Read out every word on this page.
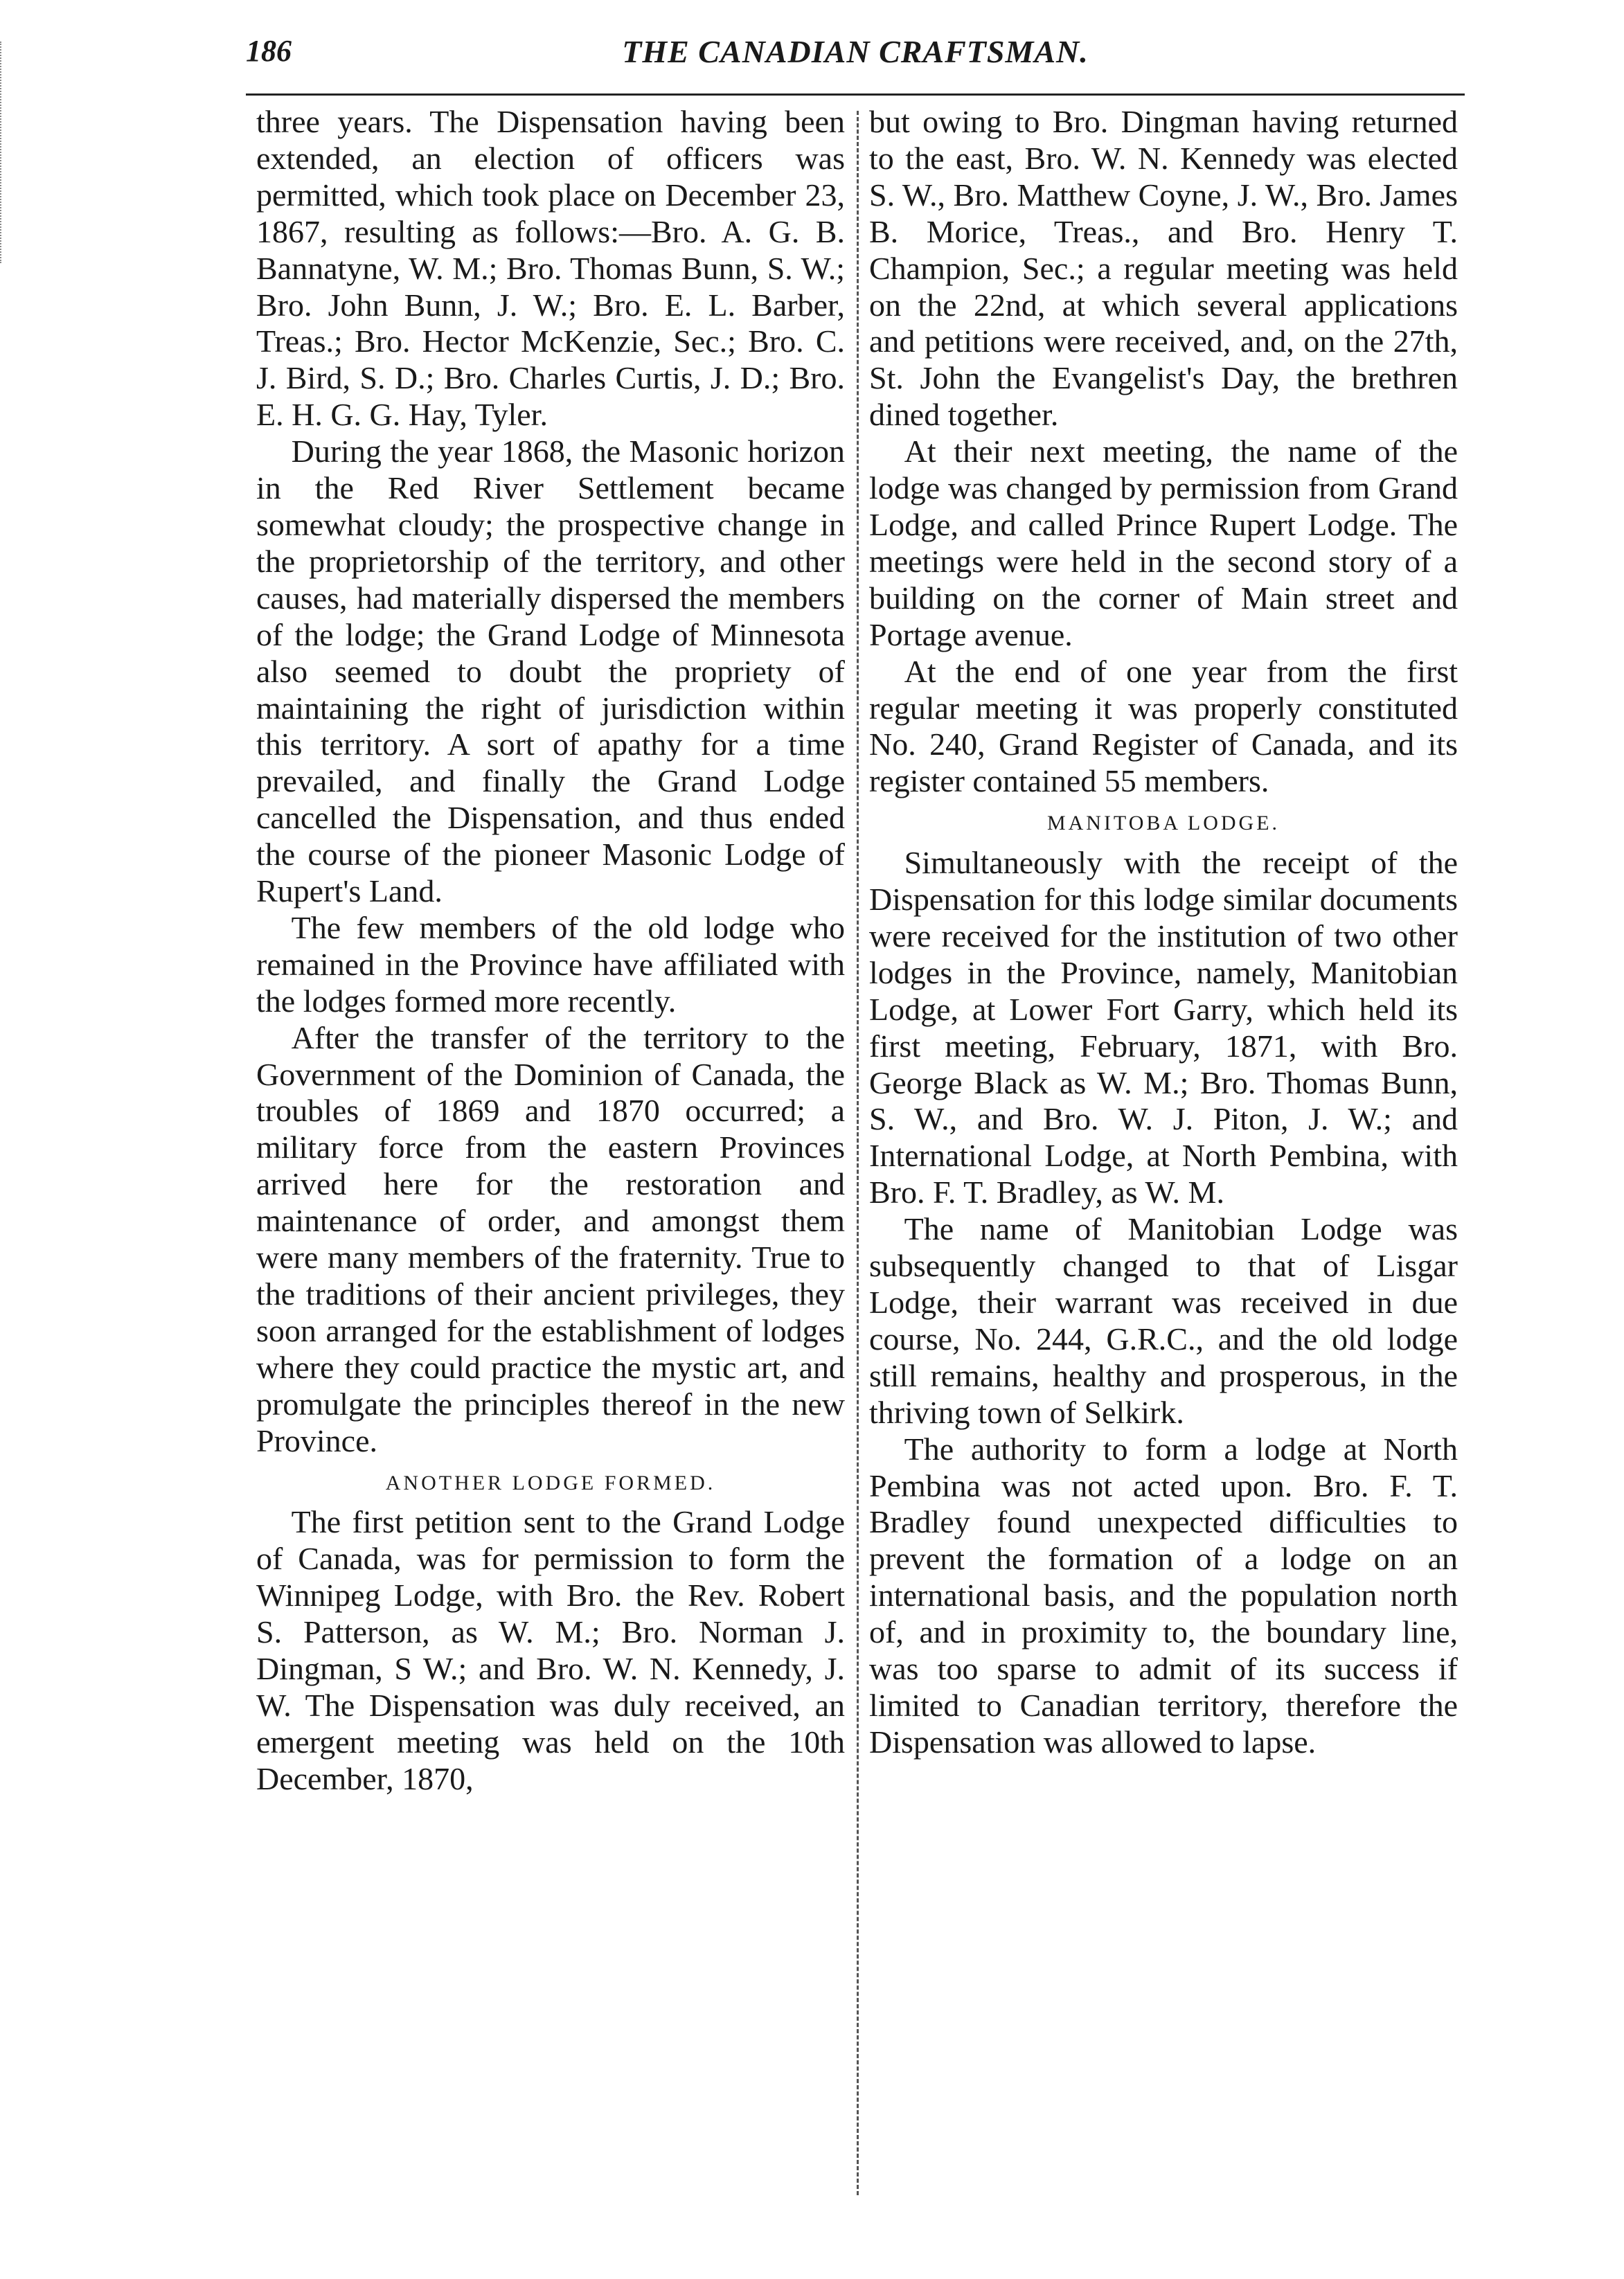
186	THE CANADIAN CRAFTSMAN.

three years. The Dispensation having been extended, an election of officers was permitted, which took place on December 23, 1867, resulting as follows:—Bro. A. G. B. Bannatyne, W. M.; Bro. Thomas Bunn, S. W.; Bro. John Bunn, J. W.; Bro. E. L. Barber, Treas.; Bro. Hector McKenzie, Sec.; Bro. C. J. Bird, S. D.; Bro. Charles Curtis, J. D.; Bro. E. H. G. G. Hay, Tyler.

During the year 1868, the Masonic horizon in the Red River Settlement became somewhat cloudy; the prospective change in the proprietorship of the territory, and other causes, had materially dispersed the members of the lodge; the Grand Lodge of Minnesota also seemed to doubt the propriety of maintaining the right of jurisdiction within this territory. A sort of apathy for a time prevailed, and finally the Grand Lodge cancelled the Dispensation, and thus ended the course of the pioneer Masonic Lodge of Rupert's Land.

The few members of the old lodge who remained in the Province have affiliated with the lodges formed more recently.

After the transfer of the territory to the Government of the Dominion of Canada, the troubles of 1869 and 1870 occurred; a military force from the eastern Provinces arrived here for the restoration and maintenance of order, and amongst them were many members of the fraternity. True to the traditions of their ancient privileges, they soon arranged for the establishment of lodges where they could practice the mystic art, and promulgate the principles thereof in the new Province.

ANOTHER LODGE FORMED.

The first petition sent to the Grand Lodge of Canada, was for permission to form the Winnipeg Lodge, with Bro. the Rev. Robert S. Patterson, as W. M.; Bro. Norman J. Dingman, S W.; and Bro. W. N. Kennedy, J. W. The Dispensation was duly received, an emergent meeting was held on the 10th December, 1870,

but owing to Bro. Dingman having returned to the east, Bro. W. N. Kennedy was elected S. W., Bro. Matthew Coyne, J. W., Bro. James B. Morice, Treas., and Bro. Henry T. Champion, Sec.; a regular meeting was held on the 22nd, at which several applications and petitions were received, and, on the 27th, St. John the Evangelist's Day, the brethren dined together.

At their next meeting, the name of the lodge was changed by permission from Grand Lodge, and called Prince Rupert Lodge. The meetings were held in the second story of a building on the corner of Main street and Portage avenue.

At the end of one year from the first regular meeting it was properly constituted No. 240, Grand Register of Canada, and its register contained 55 members.

MANITOBA LODGE.

Simultaneously with the receipt of the Dispensation for this lodge similar documents were received for the institution of two other lodges in the Province, namely, Manitobian Lodge, at Lower Fort Garry, which held its first meeting, February, 1871, with Bro. George Black as W. M.; Bro. Thomas Bunn, S. W., and Bro. W. J. Piton, J. W.; and International Lodge, at North Pembina, with Bro. F. T. Bradley, as W. M.

The name of Manitobian Lodge was subsequently changed to that of Lisgar Lodge, their warrant was received in due course, No. 244, G.R.C., and the old lodge still remains, healthy and prosperous, in the thriving town of Selkirk.

The authority to form a lodge at North Pembina was not acted upon. Bro. F. T. Bradley found unexpected difficulties to prevent the formation of a lodge on an international basis, and the population north of, and in proximity to, the boundary line, was too sparse to admit of its success if limited to Canadian territory, therefore the Dispensation was allowed to lapse.
